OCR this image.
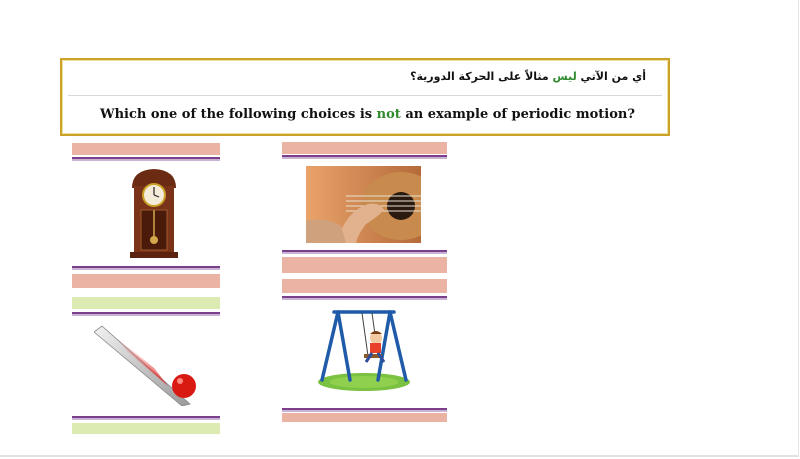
أي من الآتي ليس مثالاً على الحركة الدورية؟
Which one of the following choices is not an example of periodic motion?
